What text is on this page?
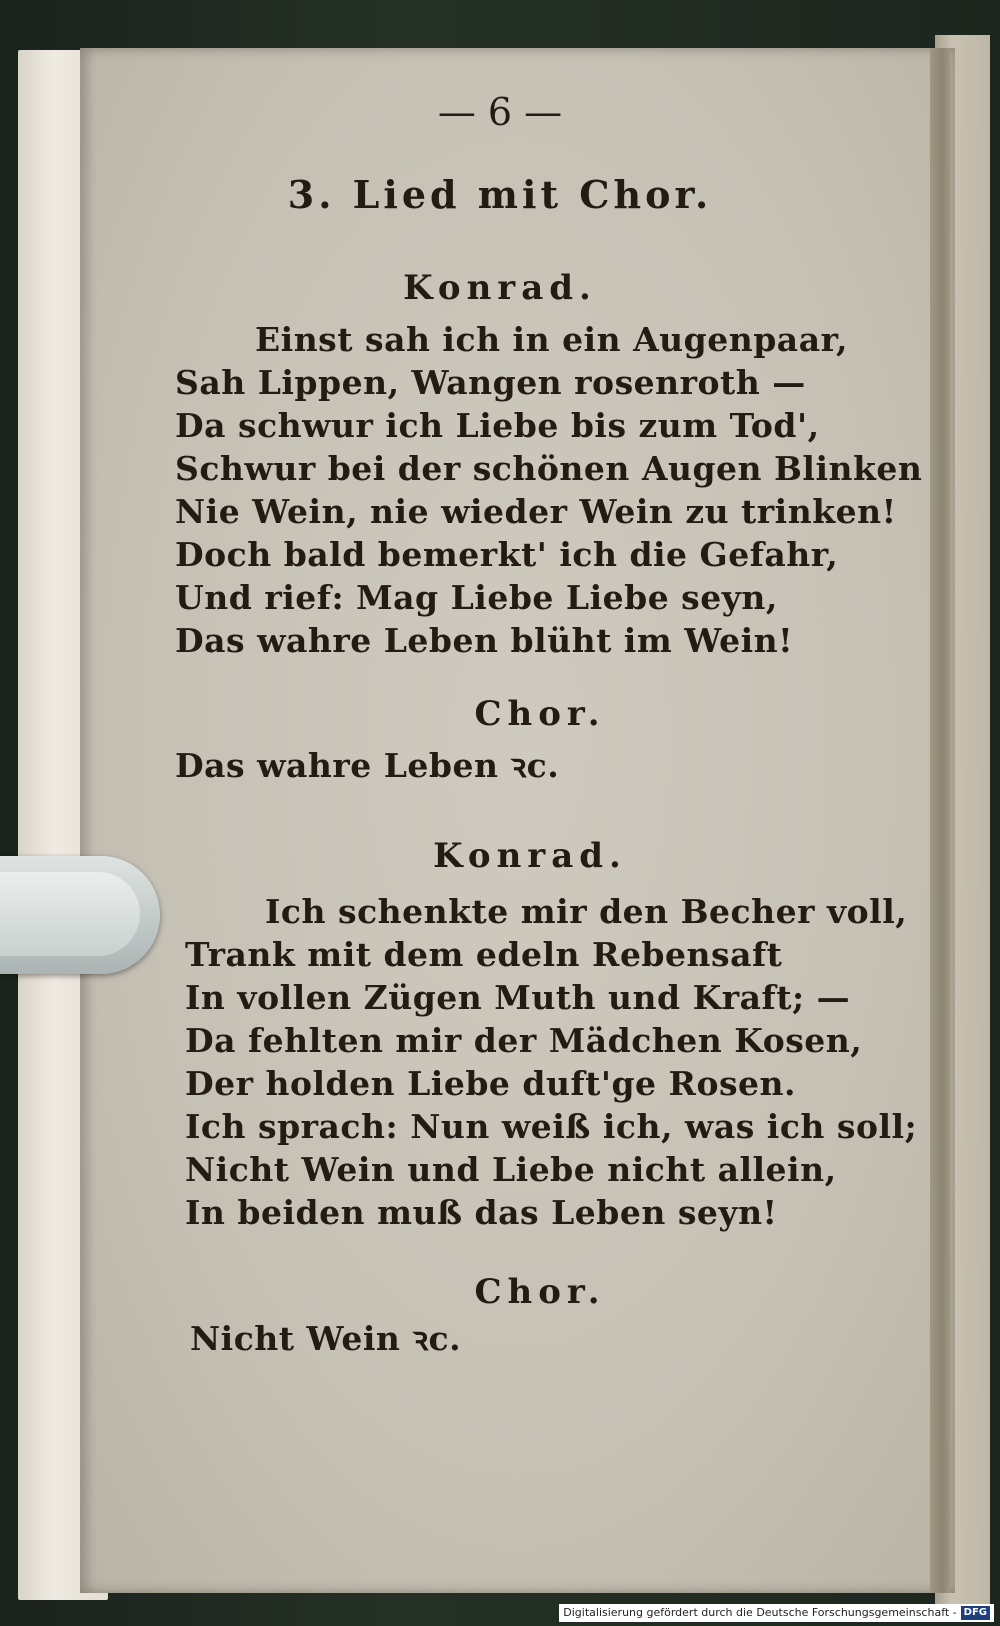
— 6 —
3. Lied mit Chor.
Konrad.
Einst sah ich in ein Augenpaar,
Sah Lippen, Wangen rosenroth —
Da schwur ich Liebe bis zum Tod',
Schwur bei der schönen Augen Blinken
Nie Wein, nie wieder Wein zu trinken!
Doch bald bemerkt' ich die Gefahr,
Und rief: Mag Liebe Liebe seyn,
Das wahre Leben blüht im Wein!
Chor.
Das wahre Leben ꝛc.
Konrad.
Ich schenkte mir den Becher voll,
Trank mit dem edeln Rebensaft
In vollen Zügen Muth und Kraft; —
Da fehlten mir der Mädchen Kosen,
Der holden Liebe duft'ge Rosen.
Ich sprach: Nun weiß ich, was ich soll;
Nicht Wein und Liebe nicht allein,
In beiden muß das Leben seyn!
Chor.
Nicht Wein ꝛc.
Digitalisierung gefördert durch die Deutsche Forschungsgemeinschaft - DFG
